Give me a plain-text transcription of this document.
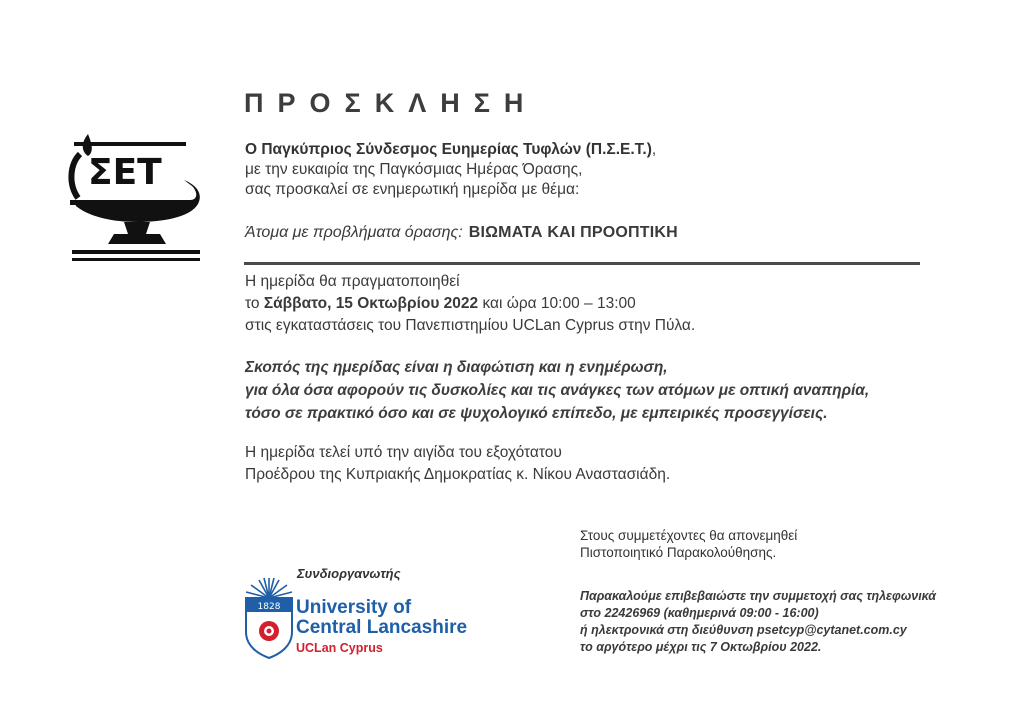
ΠΡΟΣΚΛΗΣΗ
ΣΕΤ
Ο Παγκύπριος Σύνδεσμος Ευημερίας Τυφλών (Π.Σ.Ε.Τ.),
με την ευκαιρία της Παγκόσμιας Ημέρας Όρασης,
σας προσκαλεί σε ενημερωτική ημερίδα με θέμα:
Άτομα με προβλήματα όρασης: ΒΙΩΜΑΤΑ ΚΑΙ ΠΡΟΟΠΤΙΚΗ
Η ημερίδα θα πραγματοποιηθεί
το Σάββατο, 15 Οκτωβρίου 2022 και ώρα 10:00 – 13:00
στις εγκαταστάσεις του Πανεπιστημίου UCLan Cyprus στην Πύλα.
Σκοπός της ημερίδας είναι η διαφώτιση και η ενημέρωση,
για όλα όσα αφορούν τις δυσκολίες και τις ανάγκες των ατόμων με οπτική αναπηρία,
τόσο σε πρακτικό όσο και σε ψυχολογικό επίπεδο, με εμπειρικές προσεγγίσεις.
Η ημερίδα τελεί υπό την αιγίδα του εξοχότατου
Προέδρου της Κυπριακής Δημοκρατίας κ. Νίκου Αναστασιάδη.
Στους συμμετέχοντες θα απονεμηθεί
Πιστοποιητικό Παρακολούθησης.
Παρακαλούμε επιβεβαιώστε την συμμετοχή σας τηλεφωνικά
στο 22426969 (καθημερινά 09:00 - 16:00)
ή ηλεκτρονικά στη διεύθυνση psetcyp@cytanet.com.cy
το αργότερο μέχρι τις 7 Οκτωβρίου 2022.
Συνδιοργανωτής
1828 University of
Central Lancashire
UCLan Cyprus
